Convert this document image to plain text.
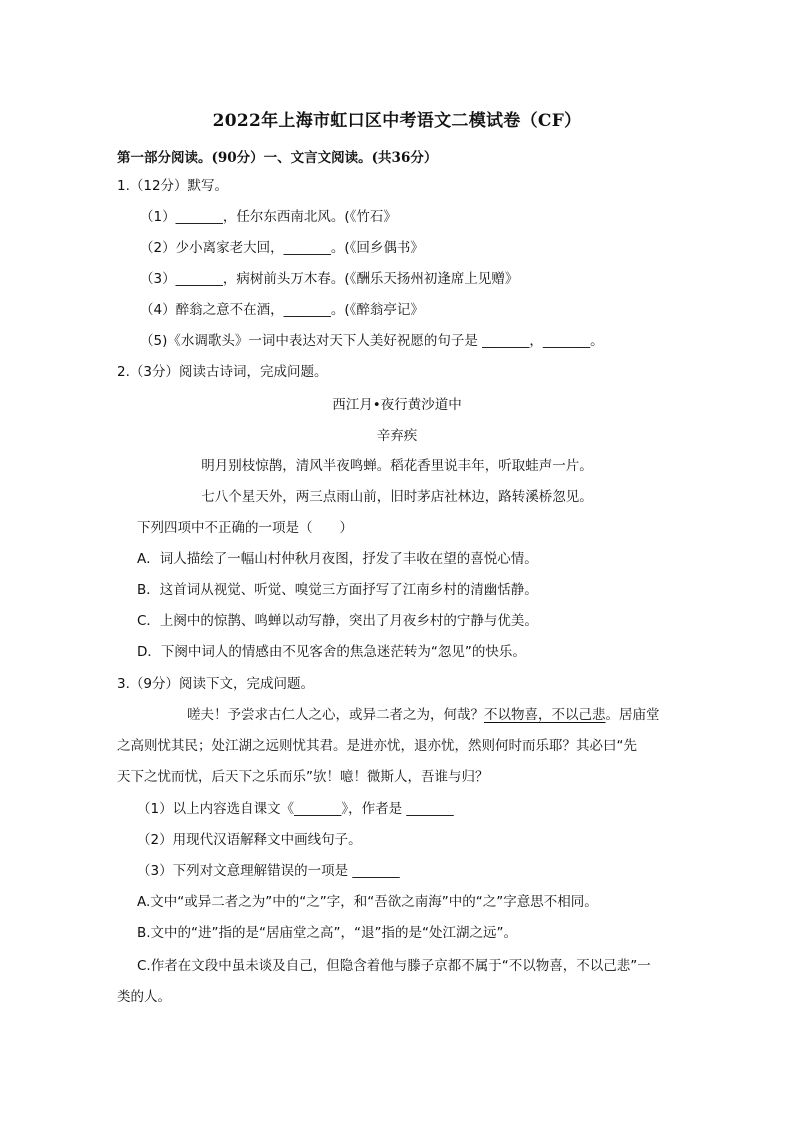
2022年上海市虹口区中考语文二模试卷（CF）
第一部分阅读。(90分）一、文言文阅读。(共36分）
1.（12分）默写。
（1）_______，任尔东西南北风。(《竹石》
（2）少小离家老大回，_______。(《回乡偶书》
（3）_______，病树前头万木春。(《酬乐天扬州初逢席上见赠》
（4）醉翁之意不在酒，_______。(《醉翁亭记》
（5)《水调歌头》一词中表达对天下人美好祝愿的句子是 _______，_______。
2.（3分）阅读古诗词，完成问题。
西江月•夜行黄沙道中
辛弃疾
明月别枝惊鹊，清风半夜鸣蝉。稻花香里说丰年，听取蛙声一片。
七八个星天外，两三点雨山前，旧时茅店社林边，路转溪桥忽见。
下列四项中不正确的一项是（　　）
A．词人描绘了一幅山村仲秋月夜图，抒发了丰收在望的喜悦心情。
B．这首词从视觉、听觉、嗅觉三方面抒写了江南乡村的清幽恬静。
C．上阕中的惊鹊、鸣蝉以动写静，突出了月夜乡村的宁静与优美。
D．下阕中词人的情感由不见客舍的焦急迷茫转为“忽见”的快乐。
3.（9分）阅读下文，完成问题。
嗟夫！予尝求古仁人之心，或异二者之为，何哉？不以物喜，不以己悲。居庙堂
之高则忧其民；处江湖之远则忧其君。是进亦忧，退亦忧，然则何时而乐耶？其必曰“先
天下之忧而忧，后天下之乐而乐”欤！噫！微斯人，吾谁与归？
（1）以上内容选自课文《_______》，作者是 _______
（2）用现代汉语解释文中画线句子。
（3）下列对文意理解错误的一项是 _______
A.文中“或异二者之为”中的“之”字，和“吾欲之南海”中的“之”字意思不相同。
B.文中的“进”指的是“居庙堂之高”，“退”指的是“处江湖之远”。
C.作者在文段中虽未谈及自己，但隐含着他与滕子京都不属于“不以物喜，不以己悲”一
类的人。
